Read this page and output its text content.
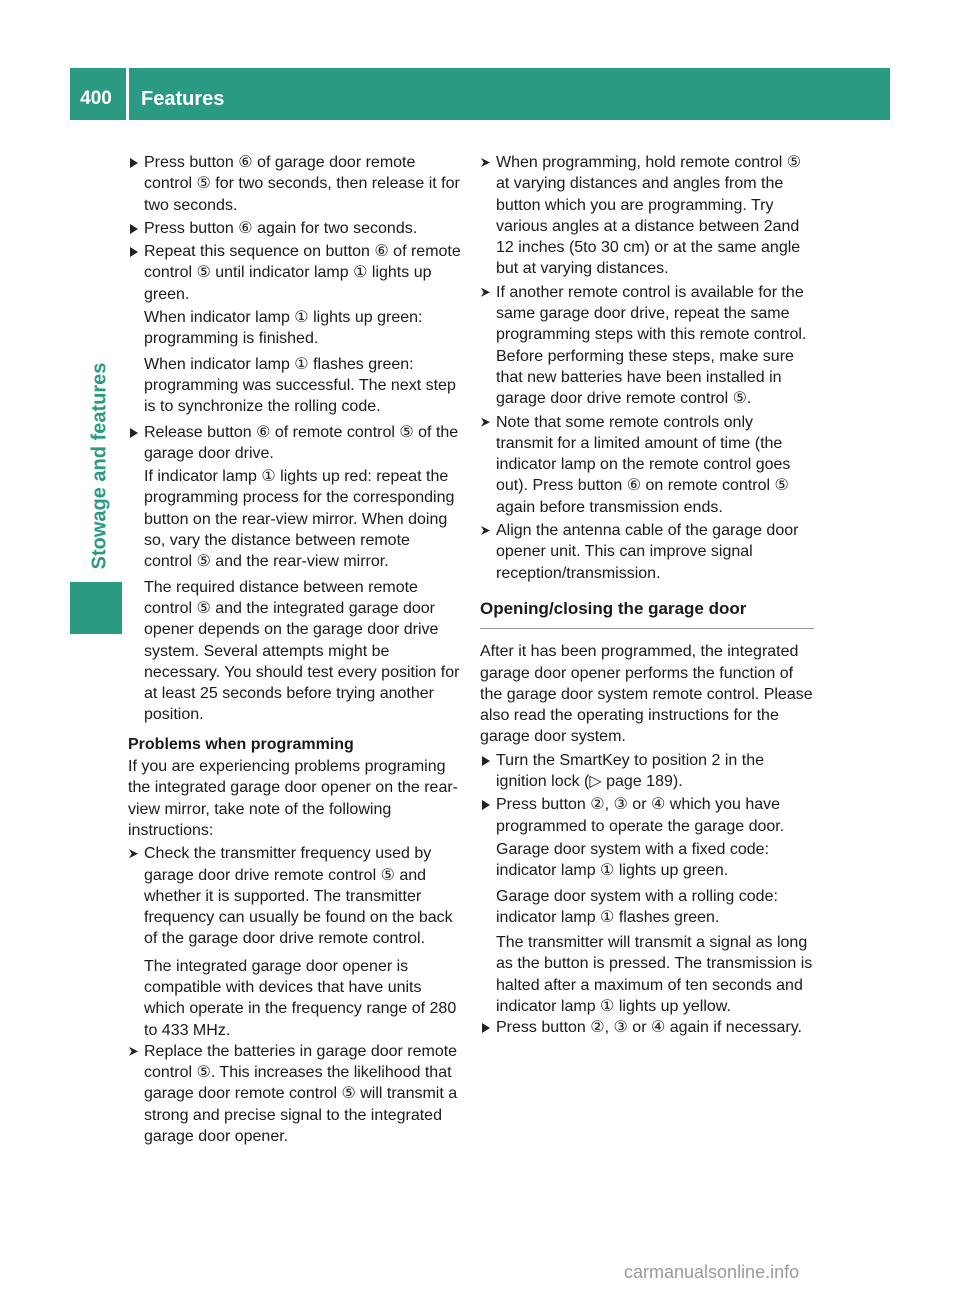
400	Features
Stowage and features

Press button ⑥ of garage door remote control ⑤ for two seconds, then release it for two seconds.

Press button ⑥ again for two seconds.

Repeat this sequence on button ⑥ of remote control ⑤ until indicator lamp ① lights up green.

When indicator lamp ① lights up green: programming is finished.

When indicator lamp ① flashes green: programming was successful. The next step is to synchronize the rolling code.

Release button ⑥ of remote control ⑤ of the garage door drive.

If indicator lamp ① lights up red: repeat the programming process for the corresponding button on the rear-view mirror. When doing so, vary the distance between remote control ⑤ and the rear-view mirror.

The required distance between remote control ⑤ and the integrated garage door opener depends on the garage door drive system. Several attempts might be necessary. You should test every position for at least 25 seconds before trying another position.

Problems when programming

If you are experiencing problems programing the integrated garage door opener on the rear-view mirror, take note of the following instructions:

Check the transmitter frequency used by garage door drive remote control ⑤ and whether it is supported. The transmitter frequency can usually be found on the back of the garage door drive remote control.

The integrated garage door opener is compatible with devices that have units which operate in the frequency range of 280 to 433 MHz.

Replace the batteries in garage door remote control ⑤. This increases the likelihood that garage door remote control ⑤ will transmit a strong and precise signal to the integrated garage door opener.

When programming, hold remote control ⑤ at varying distances and angles from the button which you are programming. Try various angles at a distance between 2and 12 inches (5to 30 cm) or at the same angle but at varying distances.

If another remote control is available for the same garage door drive, repeat the same programming steps with this remote control. Before performing these steps, make sure that new batteries have been installed in garage door drive remote control ⑤.

Note that some remote controls only transmit for a limited amount of time (the indicator lamp on the remote control goes out). Press button ⑥ on remote control ⑤ again before transmission ends.

Align the antenna cable of the garage door opener unit. This can improve signal reception/transmission.

Opening/closing the garage door

After it has been programmed, the integrated garage door opener performs the function of the garage door system remote control. Please also read the operating instructions for the garage door system.

Turn the SmartKey to position 2 in the ignition lock (▷ page 189).

Press button ②, ③ or ④ which you have programmed to operate the garage door.

Garage door system with a fixed code: indicator lamp ① lights up green.

Garage door system with a rolling code: indicator lamp ① flashes green.

The transmitter will transmit a signal as long as the button is pressed. The transmission is halted after a maximum of ten seconds and indicator lamp ① lights up yellow.

Press button ②, ③ or ④ again if necessary.

carmanualsonline.info
